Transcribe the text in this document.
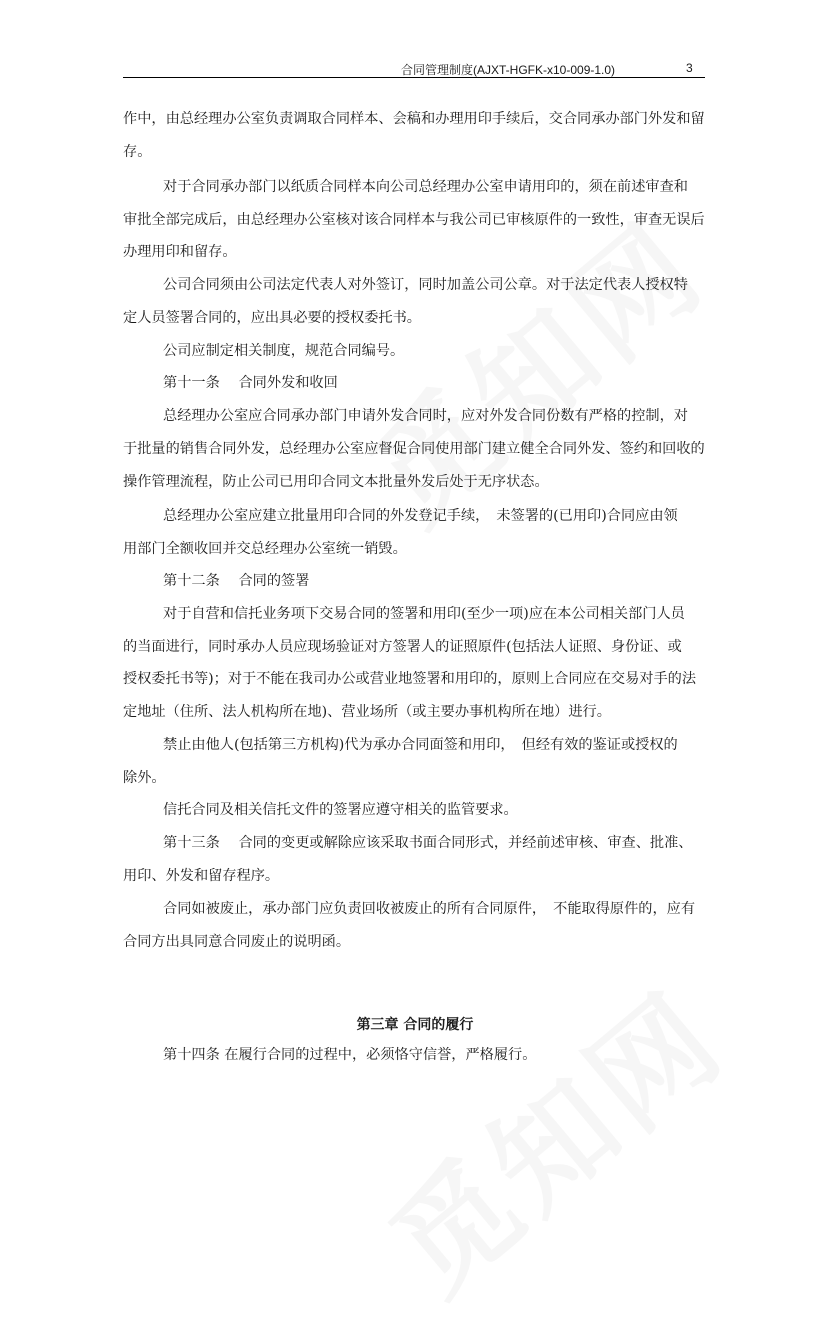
合同管理制度(AJXT-HGFK-x10-009-1.0)	3
作中，由总经理办公室负责调取合同样本、会稿和办理用印手续后，交合同承办部门外发和留
存。
对于合同承办部门以纸质合同样本向公司总经理办公室申请用印的，须在前述审查和
审批全部完成后，由总经理办公室核对该合同样本与我公司已审核原件的一致性，审查无误后
办理用印和留存。
公司合同须由公司法定代表人对外签订，同时加盖公司公章。对于法定代表人授权特
定人员签署合同的，应出具必要的授权委托书。
公司应制定相关制度，规范合同编号。
第十一条　 合同外发和收回
总经理办公室应合同承办部门申请外发合同时，应对外发合同份数有严格的控制，对
于批量的销售合同外发，总经理办公室应督促合同使用部门建立健全合同外发、签约和回收的
操作管理流程，防止公司已用印合同文本批量外发后处于无序状态。
总经理办公室应建立批量用印合同的外发登记手续，　未签署的(已用印)合同应由领
用部门全额收回并交总经理办公室统一销毁。
第十二条　 合同的签署
对于自营和信托业务项下交易合同的签署和用印(至少一项)应在本公司相关部门人员
的当面进行，同时承办人员应现场验证对方签署人的证照原件(包括法人证照、身份证、或
授权委托书等)；对于不能在我司办公或营业地签署和用印的，原则上合同应在交易对手的法
定地址（住所、法人机构所在地)、营业场所（或主要办事机构所在地）进行。
禁止由他人(包括第三方机构)代为承办合同面签和用印，　但经有效的鉴证或授权的
除外。
信托合同及相关信托文件的签署应遵守相关的监管要求。
第十三条　 合同的变更或解除应该采取书面合同形式，并经前述审核、审查、批准、
用印、外发和留存程序。
合同如被废止，承办部门应负责回收被废止的所有合同原件，　不能取得原件的，应有
合同方出具同意合同废止的说明函。
第三章 合同的履行
第十四条 在履行合同的过程中，必须恪守信誉，严格履行。
